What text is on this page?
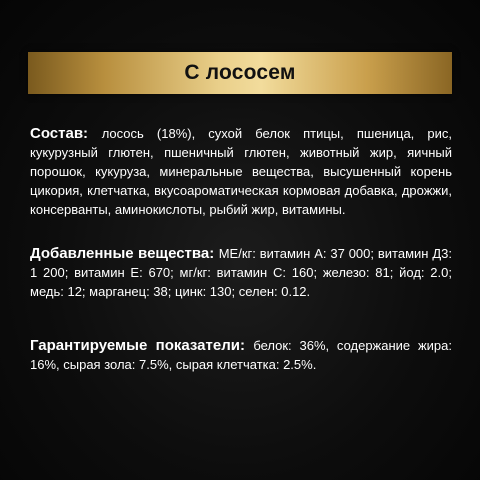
С лососем
Состав: лосось (18%), сухой белок птицы, пшеница, рис, кукурузный глютен, пшеничный глютен, животный жир, яичный порошок, кукуруза, минеральные вещества, высушенный корень цикория, клетчатка, вкусоароматическая кормовая добавка, дрожжи, консерванты, аминокислоты, рыбий жир, витамины.
Добавленные вещества: МЕ/кг: витамин А: 37 000; витамин Д3: 1 200; витамин Е: 670; мг/кг: витамин С: 160; железо: 81; йод: 2.0; медь: 12; марганец: 38; цинк: 130; селен: 0.12.
Гарантируемые показатели: белок: 36%, содержание жира: 16%, сырая зола: 7.5%, сырая клетчатка: 2.5%.
